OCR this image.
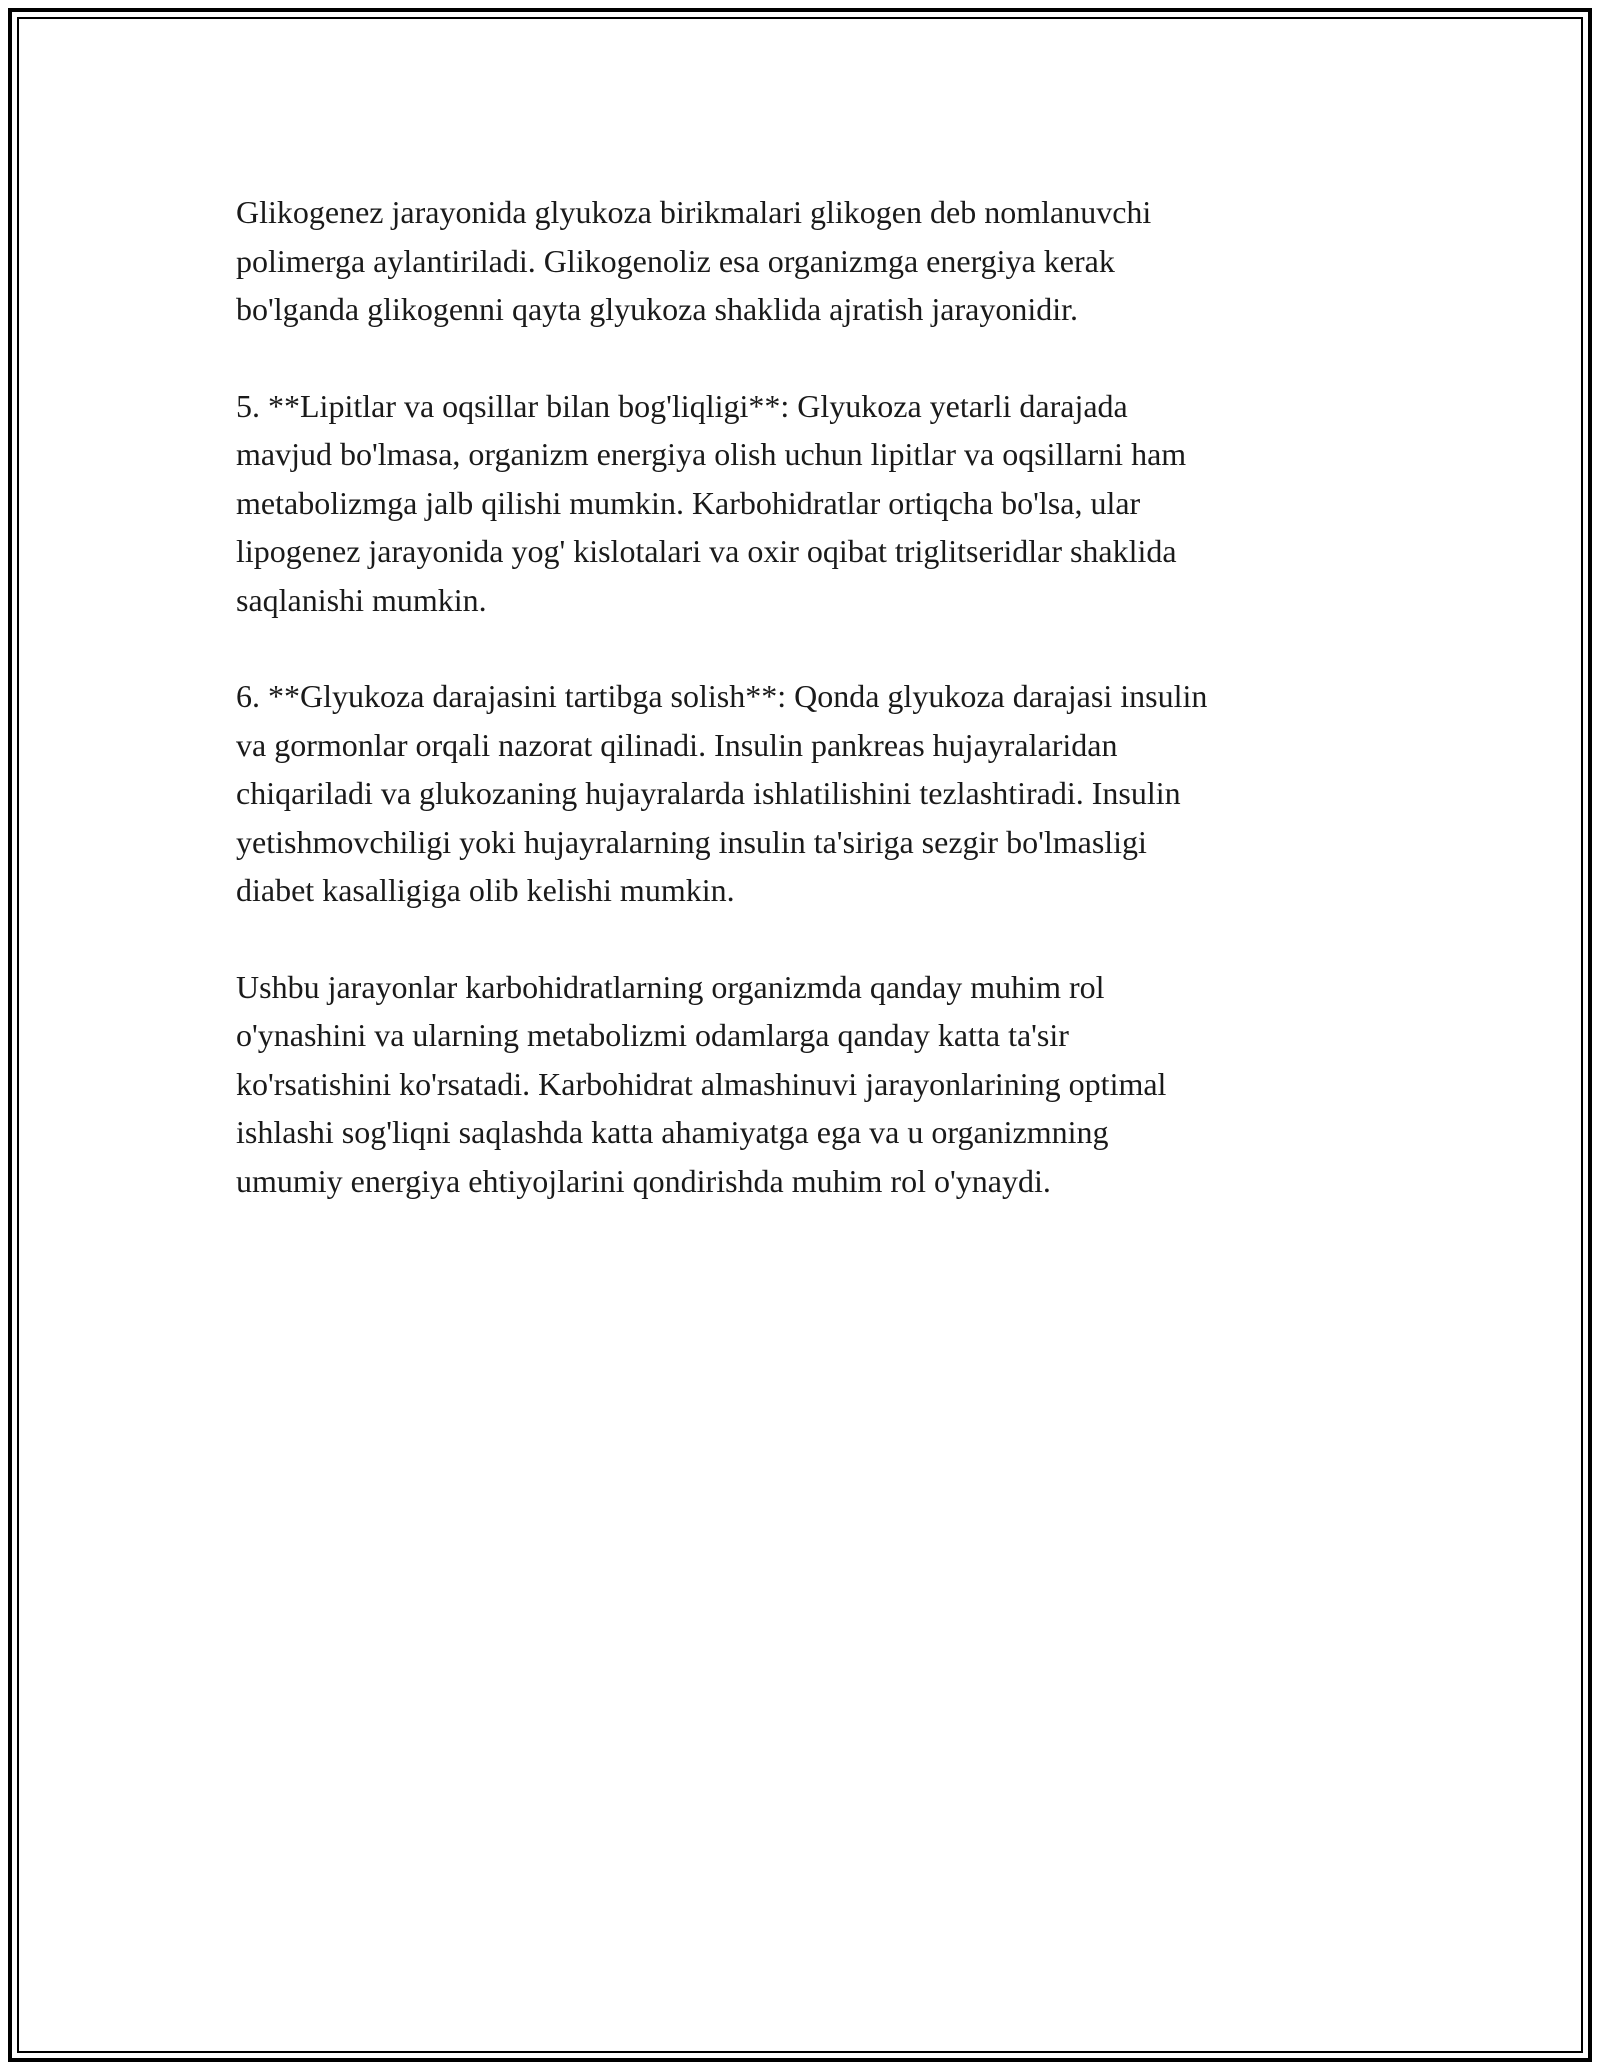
Glikogenez jarayonida glyukoza birikmalari glikogen deb nomlanuvchi
polimerga aylantiriladi. Glikogenoliz esa organizmga energiya kerak
bo'lganda glikogenni qayta glyukoza shaklida ajratish jarayonidir.

5. **Lipitlar va oqsillar bilan bog'liqligi**: Glyukoza yetarli darajada
mavjud bo'lmasa, organizm energiya olish uchun lipitlar va oqsillarni ham
metabolizmga jalb qilishi mumkin. Karbohidratlar ortiqcha bo'lsa, ular
lipogenez jarayonida yog' kislotalari va oxir oqibat triglitseridlar shaklida
saqlanishi mumkin.

6. **Glyukoza darajasini tartibga solish**: Qonda glyukoza darajasi insulin
va gormonlar orqali nazorat qilinadi. Insulin pankreas hujayralaridan
chiqariladi va glukozaning hujayralarda ishlatilishini tezlashtiradi. Insulin
yetishmovchiligi yoki hujayralarning insulin ta'siriga sezgir bo'lmasligi
diabet kasalligiga olib kelishi mumkin.

Ushbu jarayonlar karbohidratlarning organizmda qanday muhim rol
o'ynashini va ularning metabolizmi odamlarga qanday katta ta'sir
ko'rsatishini ko'rsatadi. Karbohidrat almashinuvi jarayonlarining optimal
ishlashi sog'liqni saqlashda katta ahamiyatga ega va u organizmning
umumiy energiya ehtiyojlarini qondirishda muhim rol o'ynaydi.
